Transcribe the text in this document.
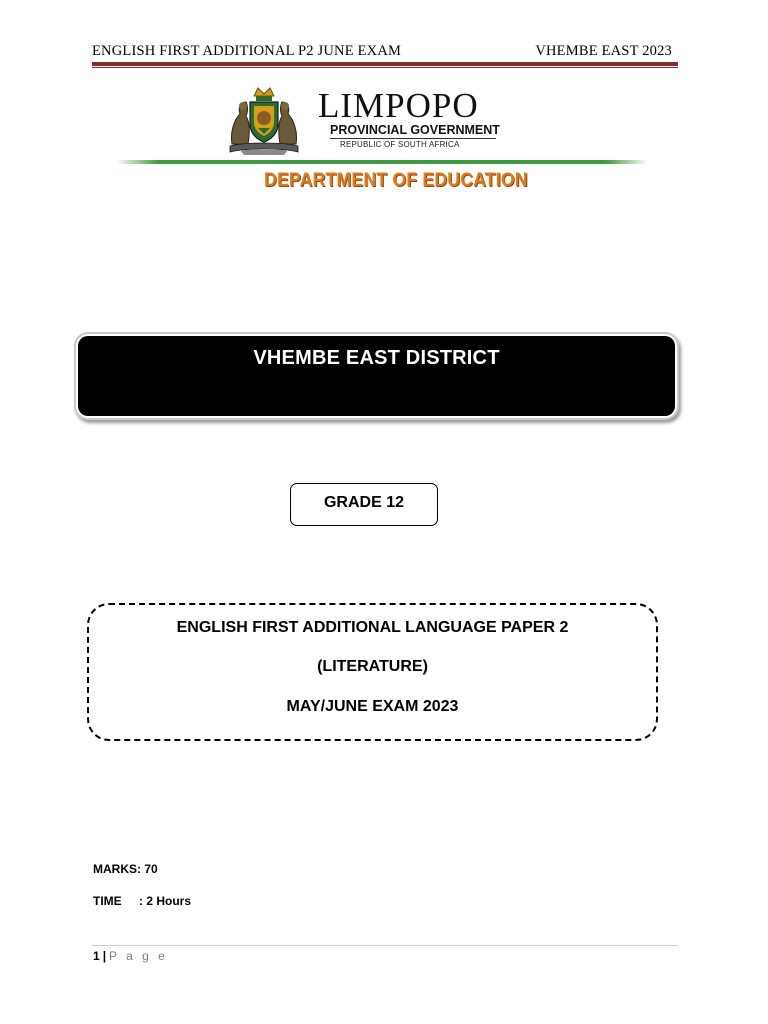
ENGLISH FIRST ADDITIONAL P2 JUNE EXAM	VHEMBE EAST 2023
LIMPOPO
PROVINCIAL GOVERNMENT
REPUBLIC OF SOUTH AFRICA
DEPARTMENT OF EDUCATION
VHEMBE EAST DISTRICT
GRADE 12
ENGLISH FIRST ADDITIONAL LANGUAGE PAPER 2
(LITERATURE)
MAY/JUNE EXAM 2023
MARKS: 70
TIME : 2 Hours
1 | P a g e
